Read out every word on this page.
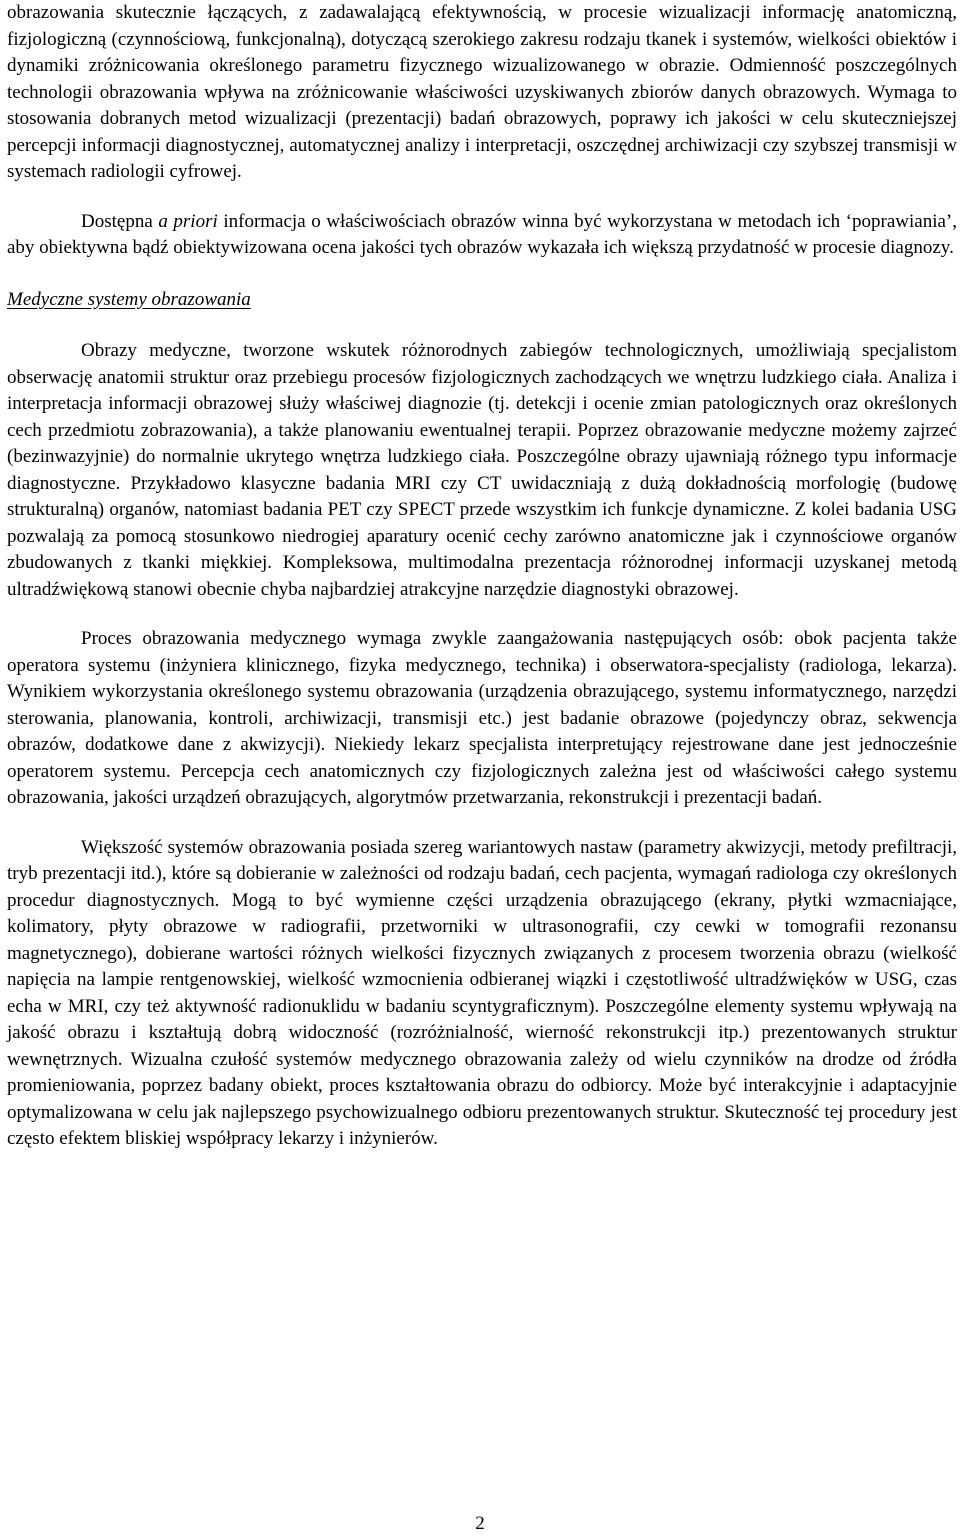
obrazowania skutecznie łączących, z zadawalającą efektywnością, w procesie wizualizacji informację anatomiczną, fizjologiczną (czynnościową, funkcjonalną), dotyczącą szerokiego zakresu rodzaju tkanek i systemów, wielkości obiektów i dynamiki zróżnicowania określonego parametru fizycznego wizualizowanego w obrazie. Odmienność poszczególnych technologii obrazowania wpływa na zróżnicowanie właściwości uzyskiwanych zbiorów danych obrazowych. Wymaga to stosowania dobranych metod wizualizacji (prezentacji) badań obrazowych, poprawy ich jakości w celu skuteczniejszej percepcji informacji diagnostycznej, automatycznej analizy i interpretacji, oszczędnej archiwizacji czy szybszej transmisji w systemach radiologii cyfrowej.

Dostępna a priori informacja o właściwościach obrazów winna być wykorzystana w metodach ich ‘poprawiania’, aby obiektywna bądź obiektywizowana ocena jakości tych obrazów wykazała ich większą przydatność w procesie diagnozy.

Medyczne systemy obrazowania

Obrazy medyczne, tworzone wskutek różnorodnych zabiegów technologicznych, umożliwiają specjalistom obserwację anatomii struktur oraz przebiegu procesów fizjologicznych zachodzących we wnętrzu ludzkiego ciała. Analiza i interpretacja informacji obrazowej służy właściwej diagnozie (tj. detekcji i ocenie zmian patologicznych oraz określonych cech przedmiotu zobrazowania), a także planowaniu ewentualnej terapii. Poprzez obrazowanie medyczne możemy zajrzeć (bezinwazyjnie) do normalnie ukrytego wnętrza ludzkiego ciała. Poszczególne obrazy ujawniają różnego typu informacje diagnostyczne. Przykładowo klasyczne badania MRI czy CT uwidaczniają z dużą dokładnością morfologię (budowę strukturalną) organów, natomiast badania PET czy SPECT przede wszystkim ich funkcje dynamiczne. Z kolei badania USG pozwalają za pomocą stosunkowo niedrogiej aparatury ocenić cechy zarówno anatomiczne jak i czynnościowe organów zbudowanych z tkanki miękkiej. Kompleksowa, multimodalna prezentacja różnorodnej informacji uzyskanej metodą ultradźwiękową stanowi obecnie chyba najbardziej atrakcyjne narzędzie diagnostyki obrazowej.

Proces obrazowania medycznego wymaga zwykle zaangażowania następujących osób: obok pacjenta także operatora systemu (inżyniera klinicznego, fizyka medycznego, technika) i obserwatora-specjalisty (radiologa, lekarza). Wynikiem wykorzystania określonego systemu obrazowania (urządzenia obrazującego, systemu informatycznego, narzędzi sterowania, planowania, kontroli, archiwizacji, transmisji etc.) jest badanie obrazowe (pojedynczy obraz, sekwencja obrazów, dodatkowe dane z akwizycji). Niekiedy lekarz specjalista interpretujący rejestrowane dane jest jednocześnie operatorem systemu. Percepcja cech anatomicznych czy fizjologicznych zależna jest od właściwości całego systemu obrazowania, jakości urządzeń obrazujących, algorytmów przetwarzania, rekonstrukcji i prezentacji badań.

Większość systemów obrazowania posiada szereg wariantowych nastaw (parametry akwizycji, metody prefiltracji, tryb prezentacji itd.), które są dobieranie w zależności od rodzaju badań, cech pacjenta, wymagań radiologa czy określonych procedur diagnostycznych. Mogą to być wymienne części urządzenia obrazującego (ekrany, płytki wzmacniające, kolimatory, płyty obrazowe w radiografii, przetworniki w ultrasonografii, czy cewki w tomografii rezonansu magnetycznego), dobierane wartości różnych wielkości fizycznych związanych z procesem tworzenia obrazu (wielkość napięcia na lampie rentgenowskiej, wielkość wzmocnienia odbieranej wiązki i częstotliwość ultradźwięków w USG, czas echa w MRI, czy też aktywność radionuklidu w badaniu scyntygraficznym). Poszczególne elementy systemu wpływają na jakość obrazu i kształtują dobrą widoczność (rozróżnialność, wierność rekonstrukcji itp.) prezentowanych struktur wewnętrznych. Wizualna czułość systemów medycznego obrazowania zależy od wielu czynników na drodze od źródła promieniowania, poprzez badany obiekt, proces kształtowania obrazu do odbiorcy. Może być interakcyjnie i adaptacyjnie optymalizowana w celu jak najlepszego psychowizualnego odbioru prezentowanych struktur. Skuteczność tej procedury jest często efektem bliskiej współpracy lekarzy i inżynierów.

2
